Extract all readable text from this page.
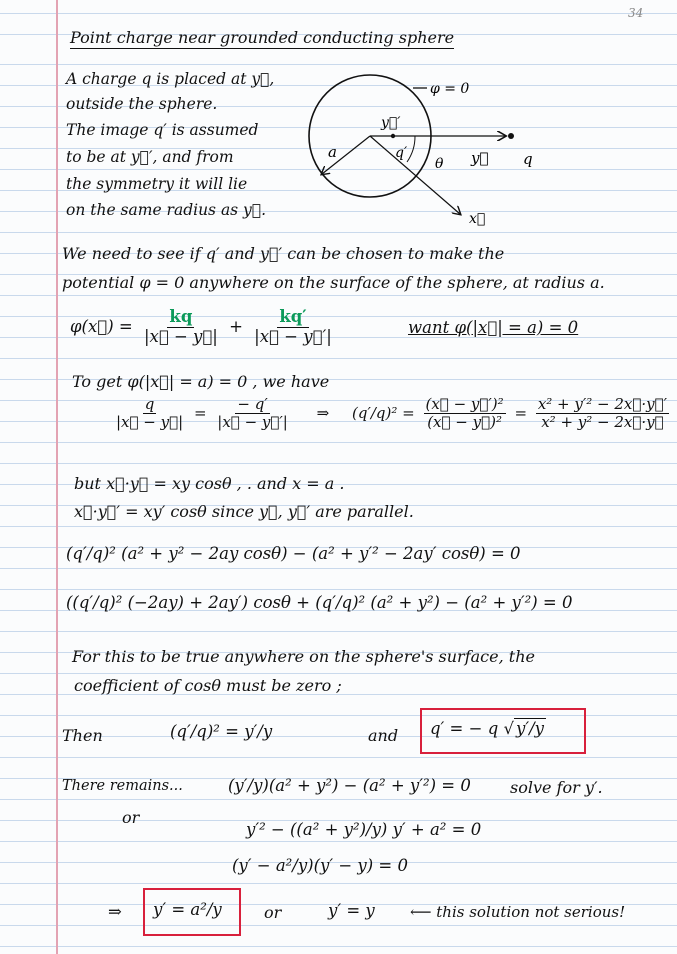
34
Point charge near grounded conducting sphere
A charge q is placed at y⃗,
outside the sphere.
The image q′ is assumed
to be at y⃗′, and from
the symmetry it will lie
on the same radius as y⃗.
φ = 0
y⃗′
q′
a
θ y⃗ q
x⃗
We need to see if q′ and y⃗′ can be chosen to make the
potential φ = 0 anywhere on the surface of the sphere, at radius a.
φ(x⃗) = $\frac{kq}{|x⃗ - y⃗|} + \frac{kq'}{|x⃗ - y⃗'|}$	want φ(|x⃗| = a) = 0
To get φ(|x⃗| = a) = 0 , we have
$\frac{q}{|x⃗ - y⃗|} = \frac{- q'}{|x⃗ - y⃗'|}$ ⇒ $(q'/q)^2 = \frac{\text{(x⃗ − y⃗′)²}}{\text{(x⃗ − y⃗)²}} = \frac{\text{x² + y′² − 2x⃗·y⃗′}}{\text{x² + y² − 2x⃗·y⃗}}$
but x⃗·y⃗ = xy cosθ , . and x = a .
x⃗·y⃗′ = xy′ cosθ since y⃗, y⃗′ are parallel.
(q′/q)² (a² + y² − 2ay cosθ) − (a² + y′² − 2ay′ cosθ) = 0
((q′/q)² (−2ay) + 2ay′) cosθ + (q′/q)² (a² + y²) − (a² + y′²) = 0
For this to be true anywhere on the sphere's surface, the
coefficient of cosθ must be zero ;
Then	(q′/q)² = y′/y	and q′ = − q √ y′/y
There remains...	(y′/y)(a² + y²) − (a² + y′²) = 0 solve for y′.
or
y′² − ((a² + y²)/y) y′ + a² = 0
(y′ − a²/y)(y′ − y) = 0
⇒ y′ = a²/y	or	y′ = y ⟵ this solution not serious!
